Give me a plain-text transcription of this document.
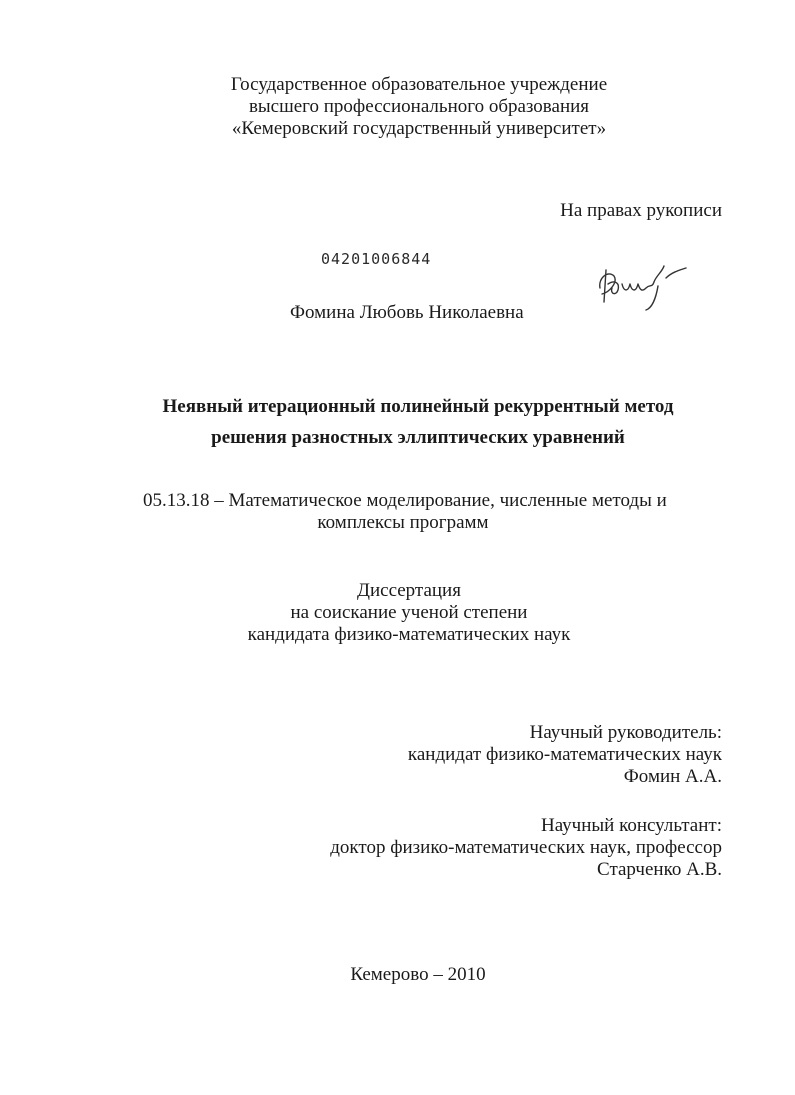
Государственное образовательное учреждение
высшего профессионального образования
«Кемеровский государственный университет»
На правах рукописи
04201006844
Фомина Любовь Николаевна
Неявный итерационный полинейный рекуррентный метод
решения разностных эллиптических уравнений
05.13.18 – Математическое моделирование, численные методы и
комплексы программ
Диссертация
на соискание ученой степени
кандидата физико-математических наук
Научный руководитель:
кандидат физико-математических наук
Фомин А.А.
Научный консультант:
доктор физико-математических наук, профессор
Старченко А.В.
Кемерово – 2010
